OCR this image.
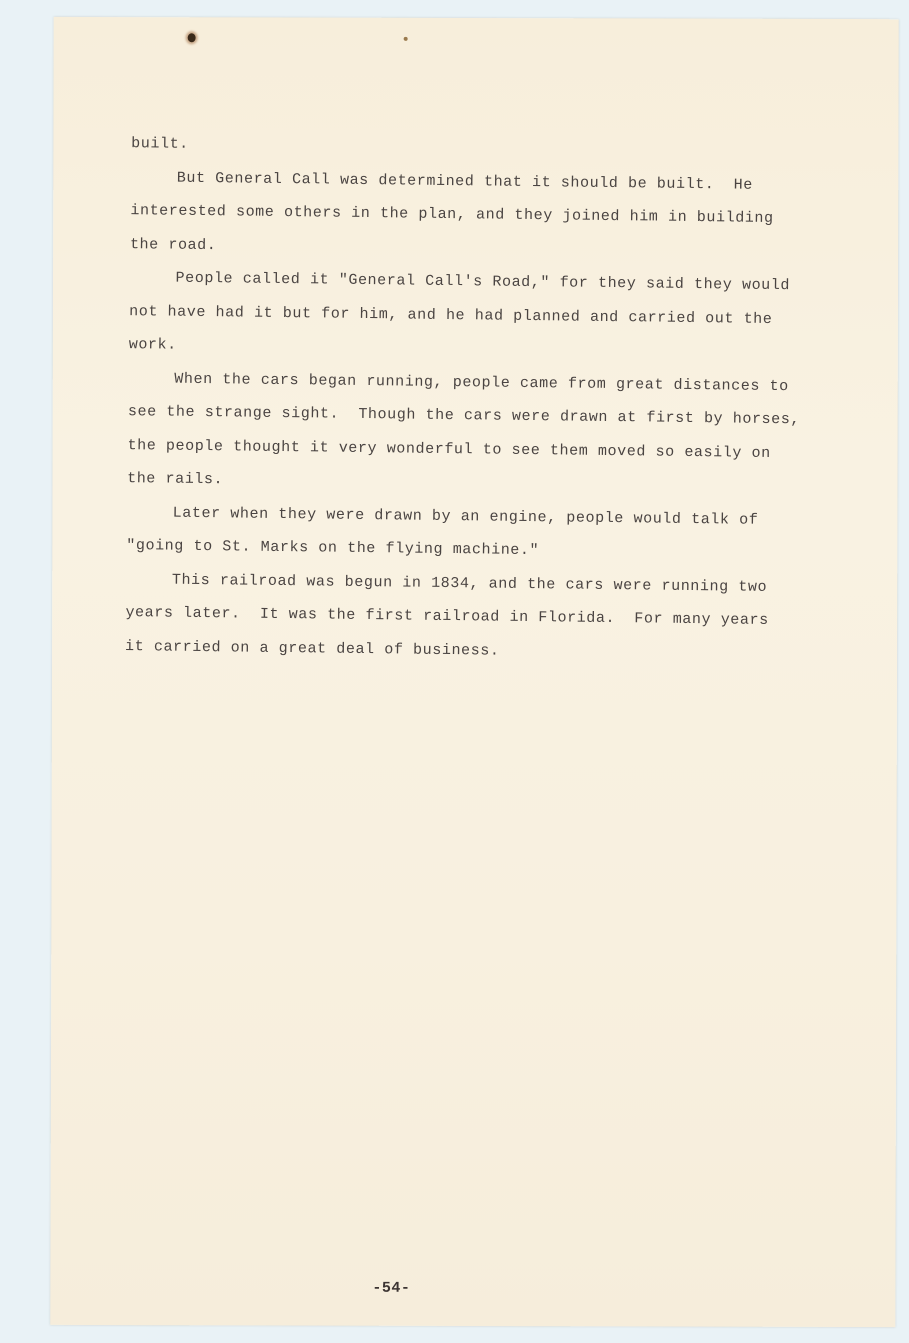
built.
But General Call was determined that it should be built.  He
interested some others in the plan, and they joined him in building
the road.
People called it "General Call's Road," for they said they would
not have had it but for him, and he had planned and carried out the
work.
When the cars began running, people came from great distances to
see the strange sight.  Though the cars were drawn at first by horses,
the people thought it very wonderful to see them moved so easily on
the rails.
Later when they were drawn by an engine, people would talk of
"going to St. Marks on the flying machine."
This railroad was begun in 1834, and the cars were running two
years later.  It was the first railroad in Florida.  For many years
it carried on a great deal of business.
-54-
